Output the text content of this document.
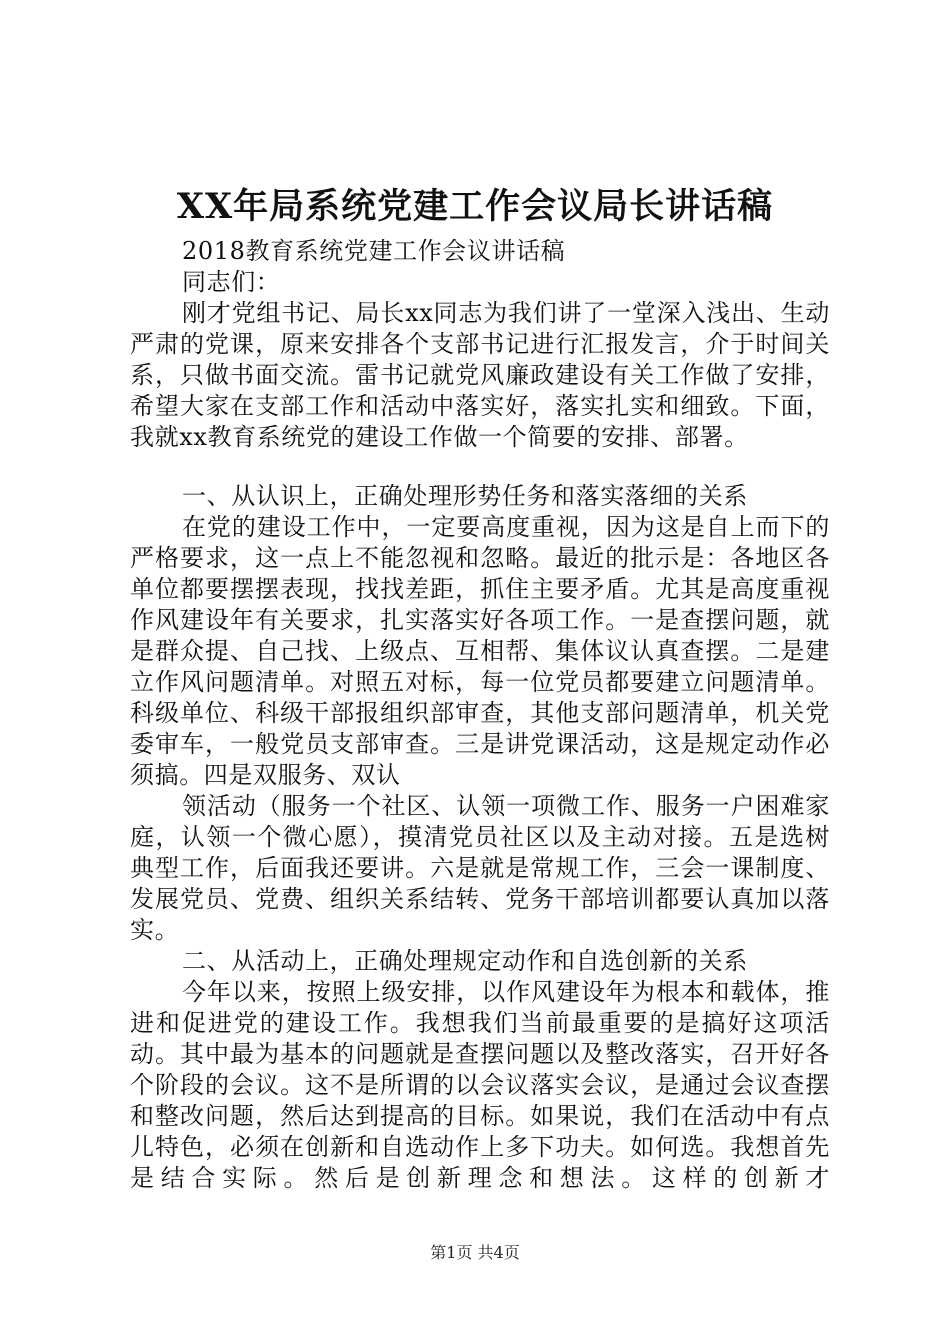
XX年局系统党建工作会议局长讲话稿

2018教育系统党建工作会议讲话稿

同志们：

刚才党组书记、局长xx同志为我们讲了一堂深入浅出、生动严肃的党课，原来安排各个支部书记进行汇报发言，介于时间关系，只做书面交流。雷书记就党风廉政建设有关工作做了安排，希望大家在支部工作和活动中落实好，落实扎实和细致。下面，我就xx教育系统党的建设工作做一个简要的安排、部署。

一、从认识上，正确处理形势任务和落实落细的关系

在党的建设工作中，一定要高度重视，因为这是自上而下的严格要求，这一点上不能忽视和忽略。最近的批示是：各地区各单位都要摆摆表现，找找差距，抓住主要矛盾。尤其是高度重视作风建设年有关要求，扎实落实好各项工作。一是查摆问题，就是群众提、自己找、上级点、互相帮、集体议认真查摆。二是建立作风问题清单。对照五对标，每一位党员都要建立问题清单。科级单位、科级干部报组织部审查，其他支部问题清单，机关党委审车，一般党员支部审查。三是讲党课活动，这是规定动作必须搞。四是双服务、双认

领活动（服务一个社区、认领一项微工作、服务一户困难家庭，认领一个微心愿），摸清党员社区以及主动对接。五是选树典型工作，后面我还要讲。六是就是常规工作，三会一课制度、发展党员、党费、组织关系结转、党务干部培训都要认真加以落实。

二、从活动上，正确处理规定动作和自选创新的关系

今年以来，按照上级安排，以作风建设年为根本和载体，推进和促进党的建设工作。我想我们当前最重要的是搞好这项活动。其中最为基本的问题就是查摆问题以及整改落实，召开好各个阶段的会议。这不是所谓的以会议落实会议，是通过会议查摆和整改问题，然后达到提高的目标。如果说，我们在活动中有点儿特色，必须在创新和自选动作上多下功夫。如何选。我想首先是结合实际。然后是创新理念和想法。这样的创新才

第1页 共4页
